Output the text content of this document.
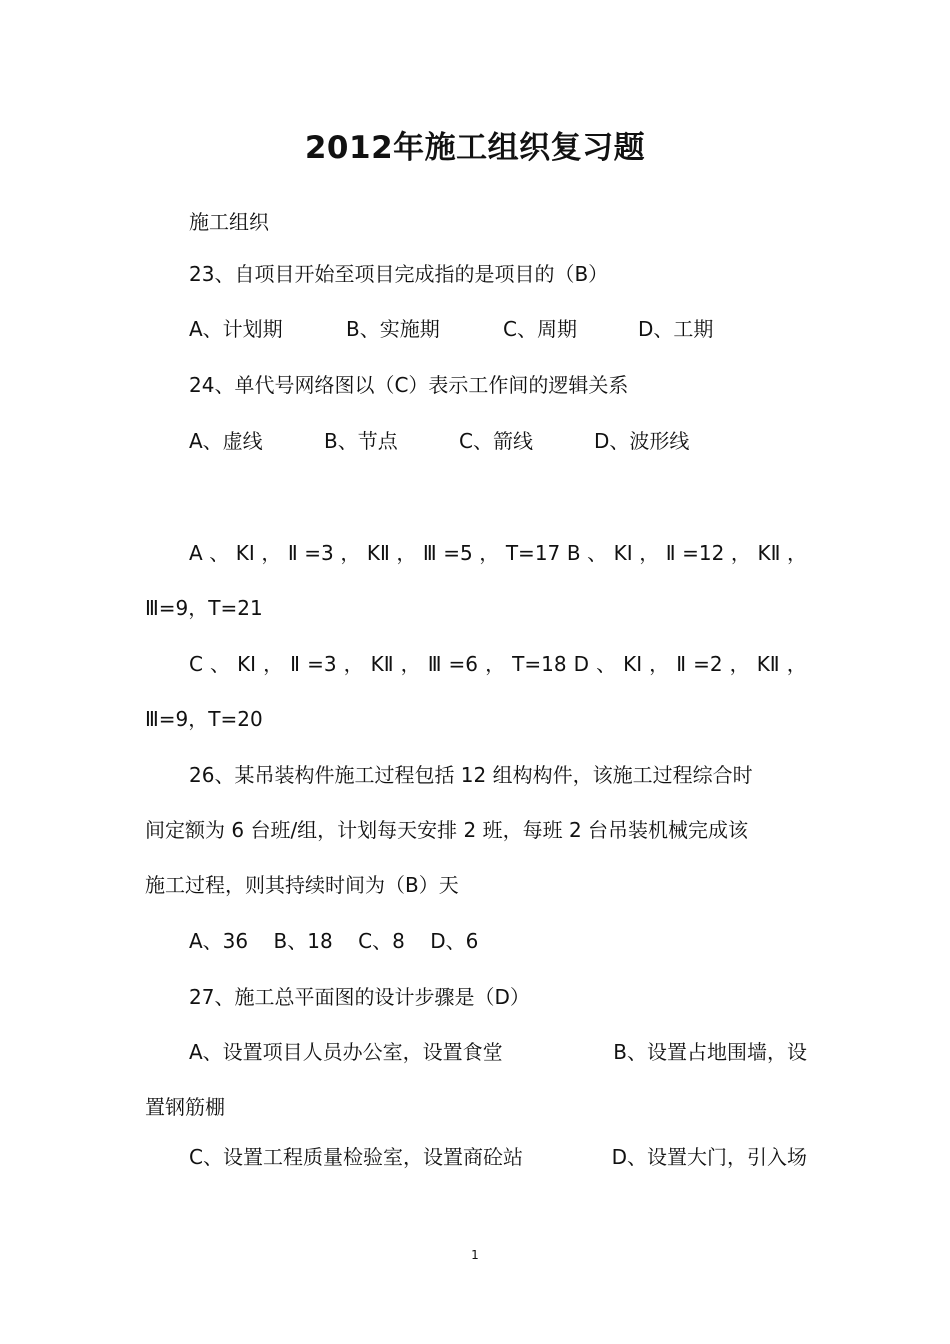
2012年施工组织复习题
施工组织
23、自项目开始至项目完成指的是项目的（B）
A、计划期	B、实施期	C、周期	D、工期
24、单代号网络图以（C）表示工作间的逻辑关系
A、虚线	B、节点	C、箭线	D、波形线
A 、 KⅠ ， Ⅱ =3 ， KⅡ ， Ⅲ =5 ， T=17 B 、 KⅠ ， Ⅱ =12 ， KⅡ ，
Ⅲ=9，T=21
C 、 KⅠ ， Ⅱ =3 ， KⅡ ， Ⅲ =6 ， T=18 D 、 KⅠ ， Ⅱ =2 ， KⅡ ，
Ⅲ=9，T=20
26、某吊装构件施工过程包括 12 组构构件，该施工过程综合时
间定额为 6 台班/组，计划每天安排 2 班，每班 2 台吊装机械完成该
施工过程，则其持续时间为（B）天
A、36    B、18    C、8    D、6
27、施工总平面图的设计步骤是（D）
A、设置项目人员办公室，设置食堂	B、设置占地围墙，设
置钢筋棚
C、设置工程质量检验室，设置商砼站	D、设置大门，引入场
1
